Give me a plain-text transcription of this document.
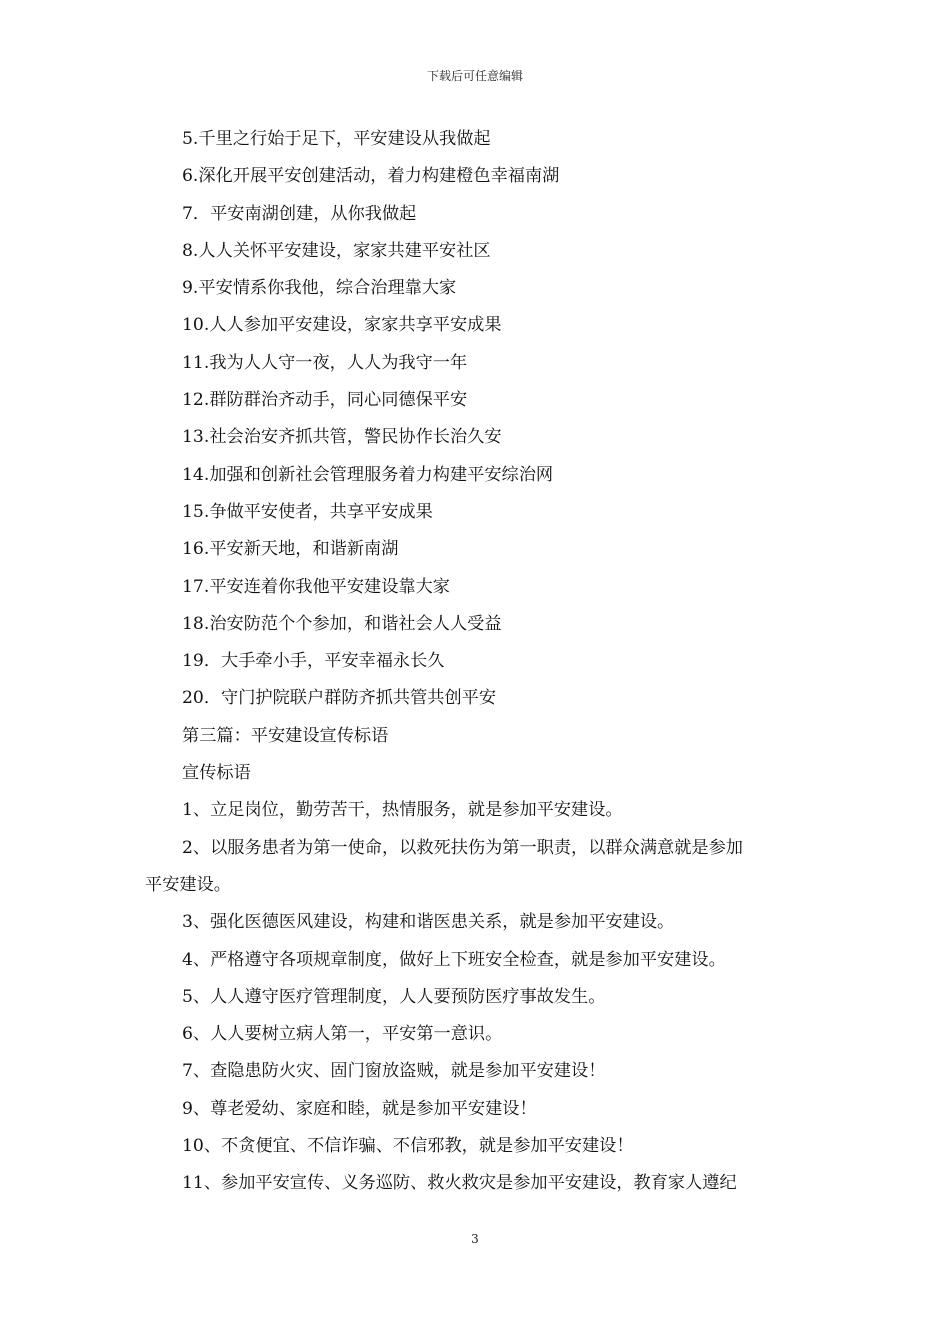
下载后可任意编辑
5.千里之行始于足下，平安建设从我做起
6.深化开展平安创建活动，着力构建橙色幸福南湖
7．平安南湖创建，从你我做起
8.人人关怀平安建设，家家共建平安社区
9.平安情系你我他，综合治理靠大家
10.人人参加平安建设，家家共享平安成果
11.我为人人守一夜，人人为我守一年
12.群防群治齐动手，同心同德保平安
13.社会治安齐抓共管，警民协作长治久安
14.加强和创新社会管理服务着力构建平安综治网
15.争做平安使者，共享平安成果
16.平安新天地，和谐新南湖
17.平安连着你我他平安建设靠大家
18.治安防范个个参加，和谐社会人人受益
19．大手牵小手，平安幸福永长久
20．守门护院联户群防齐抓共管共创平安
第三篇：平安建设宣传标语
宣传标语
1、立足岗位，勤劳苦干，热情服务，就是参加平安建设。
2、以服务患者为第一使命，以救死扶伤为第一职责，以群众满意就是参加
平安建设。
3、强化医德医风建设，构建和谐医患关系，就是参加平安建设。
4、严格遵守各项规章制度，做好上下班安全检查，就是参加平安建设。
5、人人遵守医疗管理制度，人人要预防医疗事故发生。
6、人人要树立病人第一，平安第一意识。
7、查隐患防火灾、固门窗放盗贼，就是参加平安建设！
9、尊老爱幼、家庭和睦，就是参加平安建设！
10、不贪便宜、不信诈骗、不信邪教，就是参加平安建设！
11、参加平安宣传、义务巡防、救火救灾是参加平安建设，教育家人遵纪
3
